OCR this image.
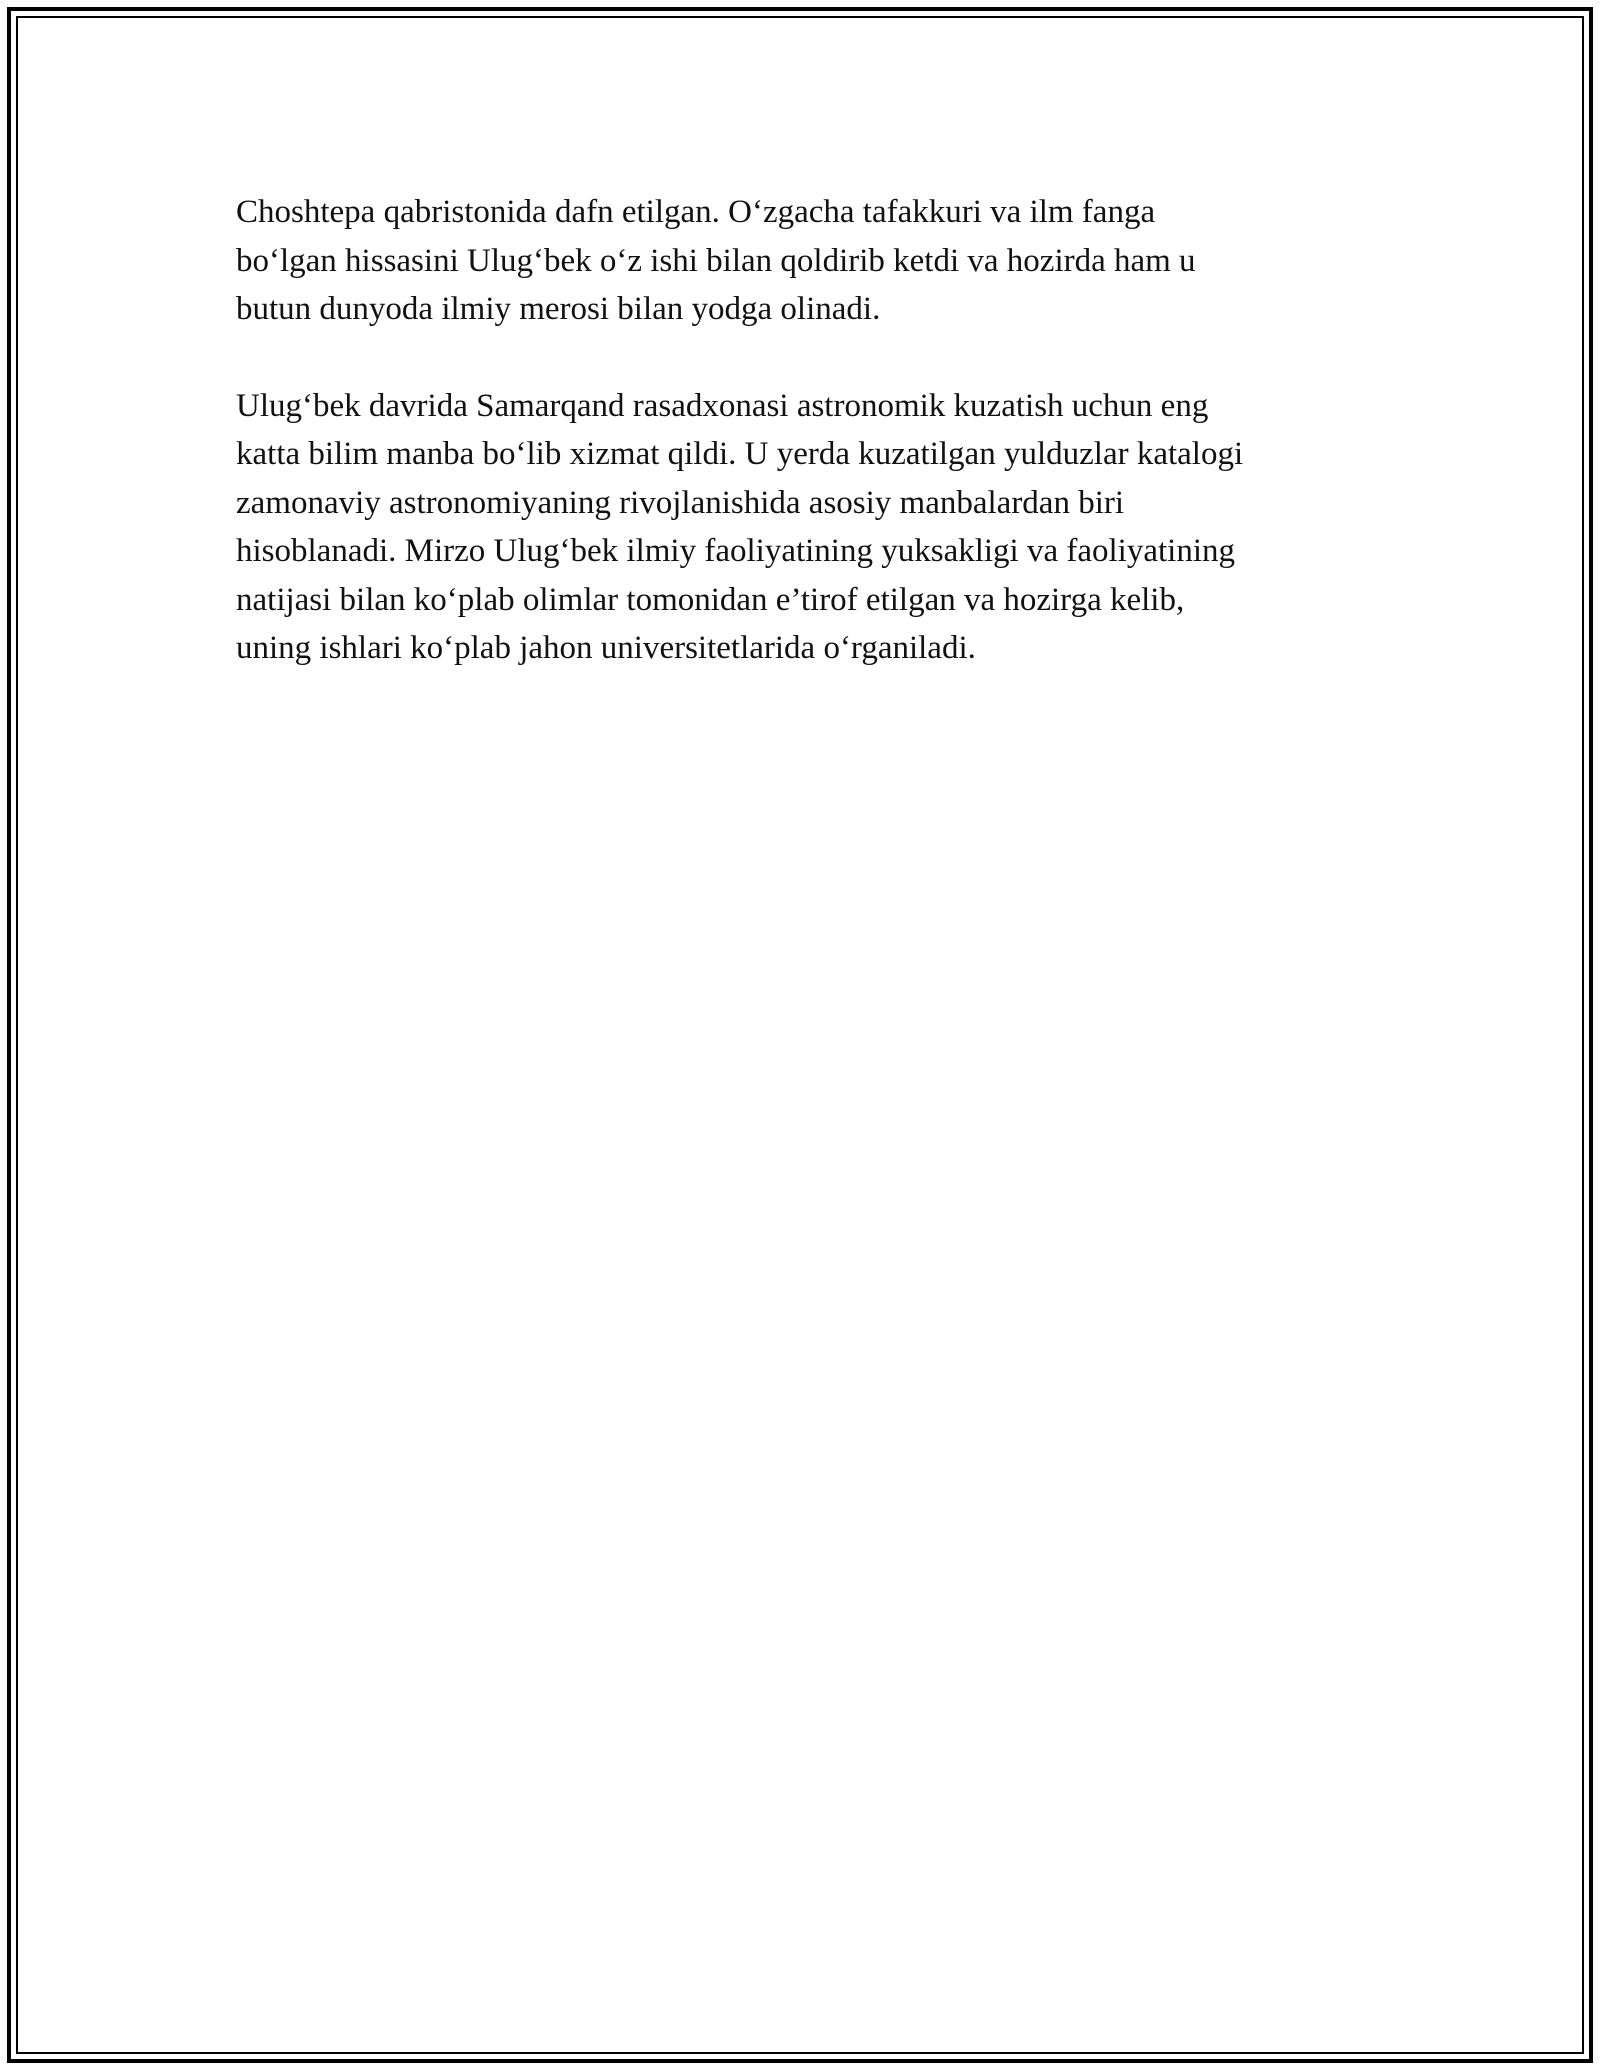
Choshtepa qabristonida dafn etilgan. O‘zgacha tafakkuri va ilm fanga
bo‘lgan hissasini Ulug‘bek o‘z ishi bilan qoldirib ketdi va hozirda ham u
butun dunyoda ilmiy merosi bilan yodga olinadi.

Ulug‘bek davrida Samarqand rasadxonasi astronomik kuzatish uchun eng
katta bilim manba bo‘lib xizmat qildi. U yerda kuzatilgan yulduzlar katalogi
zamonaviy astronomiyaning rivojlanishida asosiy manbalardan biri
hisoblanadi. Mirzo Ulug‘bek ilmiy faoliyatining yuksakligi va faoliyatining
natijasi bilan ko‘plab olimlar tomonidan e’tirof etilgan va hozirga kelib,
uning ishlari ko‘plab jahon universitetlarida o‘rganiladi.
